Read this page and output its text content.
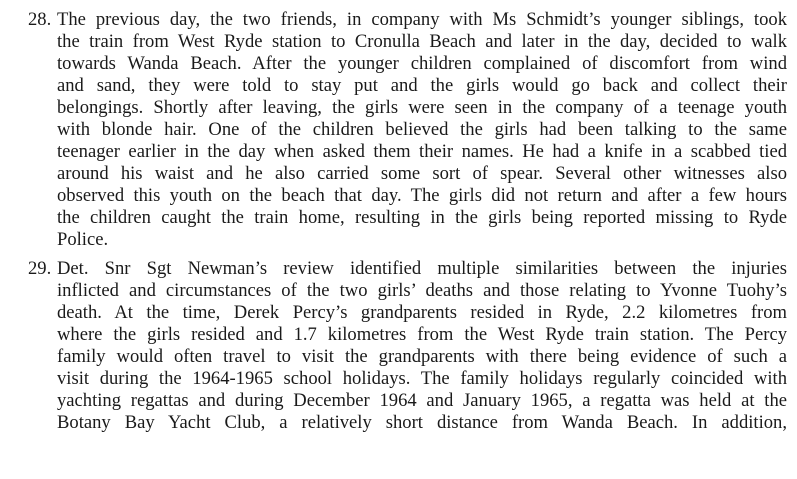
28. The previous day, the two friends, in company with Ms Schmidt’s younger siblings, took
the train from West Ryde station to Cronulla Beach and later in the day, decided to walk
towards Wanda Beach. After the younger children complained of discomfort from wind
and sand, they were told to stay put and the girls would go back and collect their
belongings. Shortly after leaving, the girls were seen in the company of a teenage youth
with blonde hair. One of the children believed the girls had been talking to the same
teenager earlier in the day when asked them their names. He had a knife in a scabbed tied
around his waist and he also carried some sort of spear. Several other witnesses also
observed this youth on the beach that day. The girls did not return and after a few hours
the children caught the train home, resulting in the girls being reported missing to Ryde
Police.
29. Det. Snr Sgt Newman’s review identified multiple similarities between the injuries
inflicted and circumstances of the two girls’ deaths and those relating to Yvonne Tuohy’s
death. At the time, Derek Percy’s grandparents resided in Ryde, 2.2 kilometres from
where the girls resided and 1.7 kilometres from the West Ryde train station. The Percy
family would often travel to visit the grandparents with there being evidence of such a
visit during the 1964-1965 school holidays. The family holidays regularly coincided with
yachting regattas and during December 1964 and January 1965, a regatta was held at the
Botany Bay Yacht Club, a relatively short distance from Wanda Beach. In addition,
